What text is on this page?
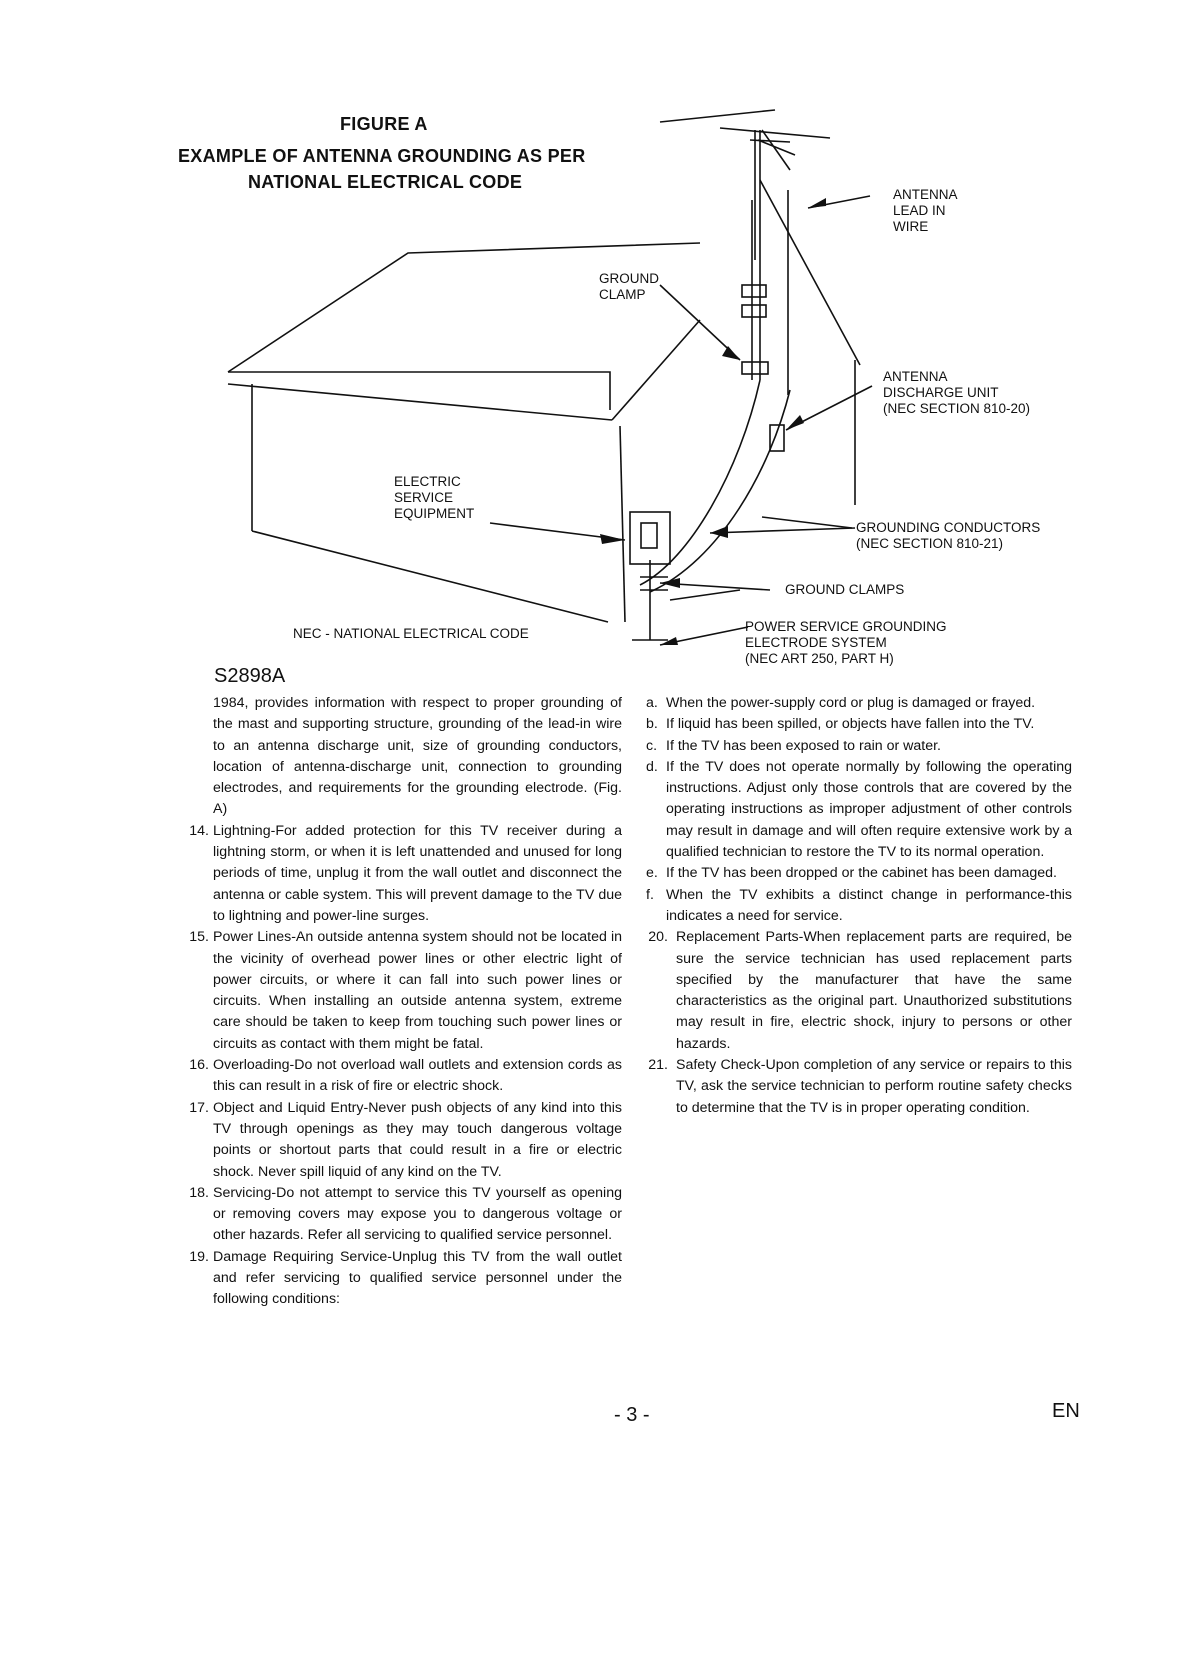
FIGURE A
EXAMPLE OF ANTENNA GROUNDING AS PER
NATIONAL ELECTRICAL CODE
ANTENNA
LEAD IN
WIRE
GROUND
CLAMP
ANTENNA
DISCHARGE UNIT
(NEC SECTION 810-20)
ELECTRIC
SERVICE
EQUIPMENT
GROUNDING CONDUCTORS
(NEC SECTION 810-21)
GROUND CLAMPS
POWER SERVICE GROUNDING
ELECTRODE SYSTEM
(NEC ART 250, PART H)
NEC - NATIONAL ELECTRICAL CODE
S2898A

1984, provides information with respect to proper grounding of the mast and supporting structure, grounding of the lead-in wire to an antenna discharge unit, size of grounding conductors, location of antenna-discharge unit, connection to grounding electrodes, and requirements for the grounding electrode. (Fig. A)

14. Lightning-For added protection for this TV receiver during a lightning storm, or when it is left unattended and unused for long periods of time, unplug it from the wall outlet and disconnect the antenna or cable system. This will prevent damage to the TV due to lightning and power-line surges.

15. Power Lines-An outside antenna system should not be located in the vicinity of overhead power lines or other electric light of power circuits, or where it can fall into such power lines or circuits. When installing an outside antenna system, extreme care should be taken to keep from touching such power lines or circuits as contact with them might be fatal.

16. Overloading-Do not overload wall outlets and extension cords as this can result in a risk of fire or electric shock.

17. Object and Liquid Entry-Never push objects of any kind into this TV through openings as they may touch dangerous voltage points or shortout parts that could result in a fire or electric shock. Never spill liquid of any kind on the TV.

18. Servicing-Do not attempt to service this TV yourself as opening or removing covers may expose you to dangerous voltage or other hazards. Refer all servicing to qualified service personnel.

19. Damage Requiring Service-Unplug this TV from the wall outlet and refer servicing to qualified service personnel under the following conditions:

a. When the power-supply cord or plug is damaged or frayed.

b. If liquid has been spilled, or objects have fallen into the TV.

c. If the TV has been exposed to rain or water.

d. If the TV does not operate normally by following the operating instructions. Adjust only those controls that are covered by the operating instructions as improper adjustment of other controls may result in damage and will often require extensive work by a qualified technician to restore the TV to its normal operation.

e. If the TV has been dropped or the cabinet has been damaged.

f. When the TV exhibits a distinct change in performance-this indicates a need for service.

20. Replacement Parts-When replacement parts are required, be sure the service technician has used replacement parts specified by the manufacturer that have the same characteristics as the original part. Unauthorized substitutions may result in fire, electric shock, injury to persons or other hazards.

21. Safety Check-Upon completion of any service or repairs to this TV, ask the service technician to perform routine safety checks to determine that the TV is in proper operating condition.

- 3 -	EN
